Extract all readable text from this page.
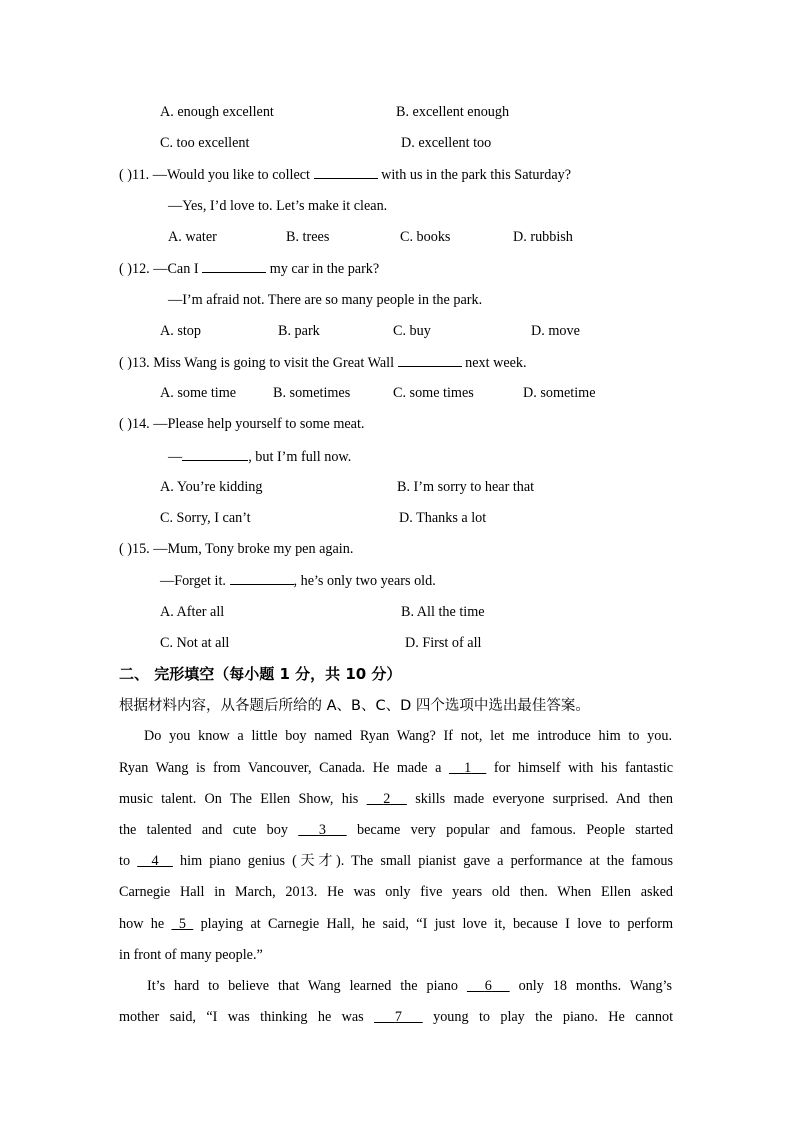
A. enough excellent	B. excellent enough
C. too excellent	D. excellent too
( )11. —Would you like to collect	with us in the park this Saturday?
—Yes, I’d love to. Let’s make it clean.
A. water	B. trees	C. books	D. rubbish
( )12. —Can I	my car in the park?
—I’m afraid not. There are so many people in the park.
A. stop	B. park	C. buy	D. move
( )13. Miss Wang is going to visit the Great Wall	next week.
A. some time	B. sometimes	C. some times	D. sometime
( )14. —Please help yourself to some meat.
—	, but I’m full now.
A. You’re kidding	B. I’m sorry to hear that
C. Sorry, I can’t	D. Thanks a lot
( )15. —Mum, Tony broke my pen again.
—Forget it.	, he’s only two years old.
A. After all	B. All the time
C. Not at all	D. First of all
二、 完形填空（每小题 1 分，共 10 分）
根据材料内容，从各题后所给的 A、B、C、D 四个选项中选出最佳答案。
Do you know a little boy named Ryan Wang? If not, let me introduce him to you.
Ryan Wang is from Vancouver, Canada. He made a 1 for himself with his fantastic
music talent. On The Ellen Show, his 2 skills made everyone surprised. And then
the talented and cute boy 3 became very popular and famous. People started
to 4 him piano genius (天才). The small pianist gave a performance at the famous
Carnegie Hall in March, 2013. He was only five years old then. When Ellen asked
how he 5 playing at Carnegie Hall, he said, “I just love it, because I love to perform
in front of many people.”
It’s hard to believe that Wang learned the piano 6 only 18 months. Wang’s
mother said, “I was thinking he was 7 young to play the piano. He cannot
